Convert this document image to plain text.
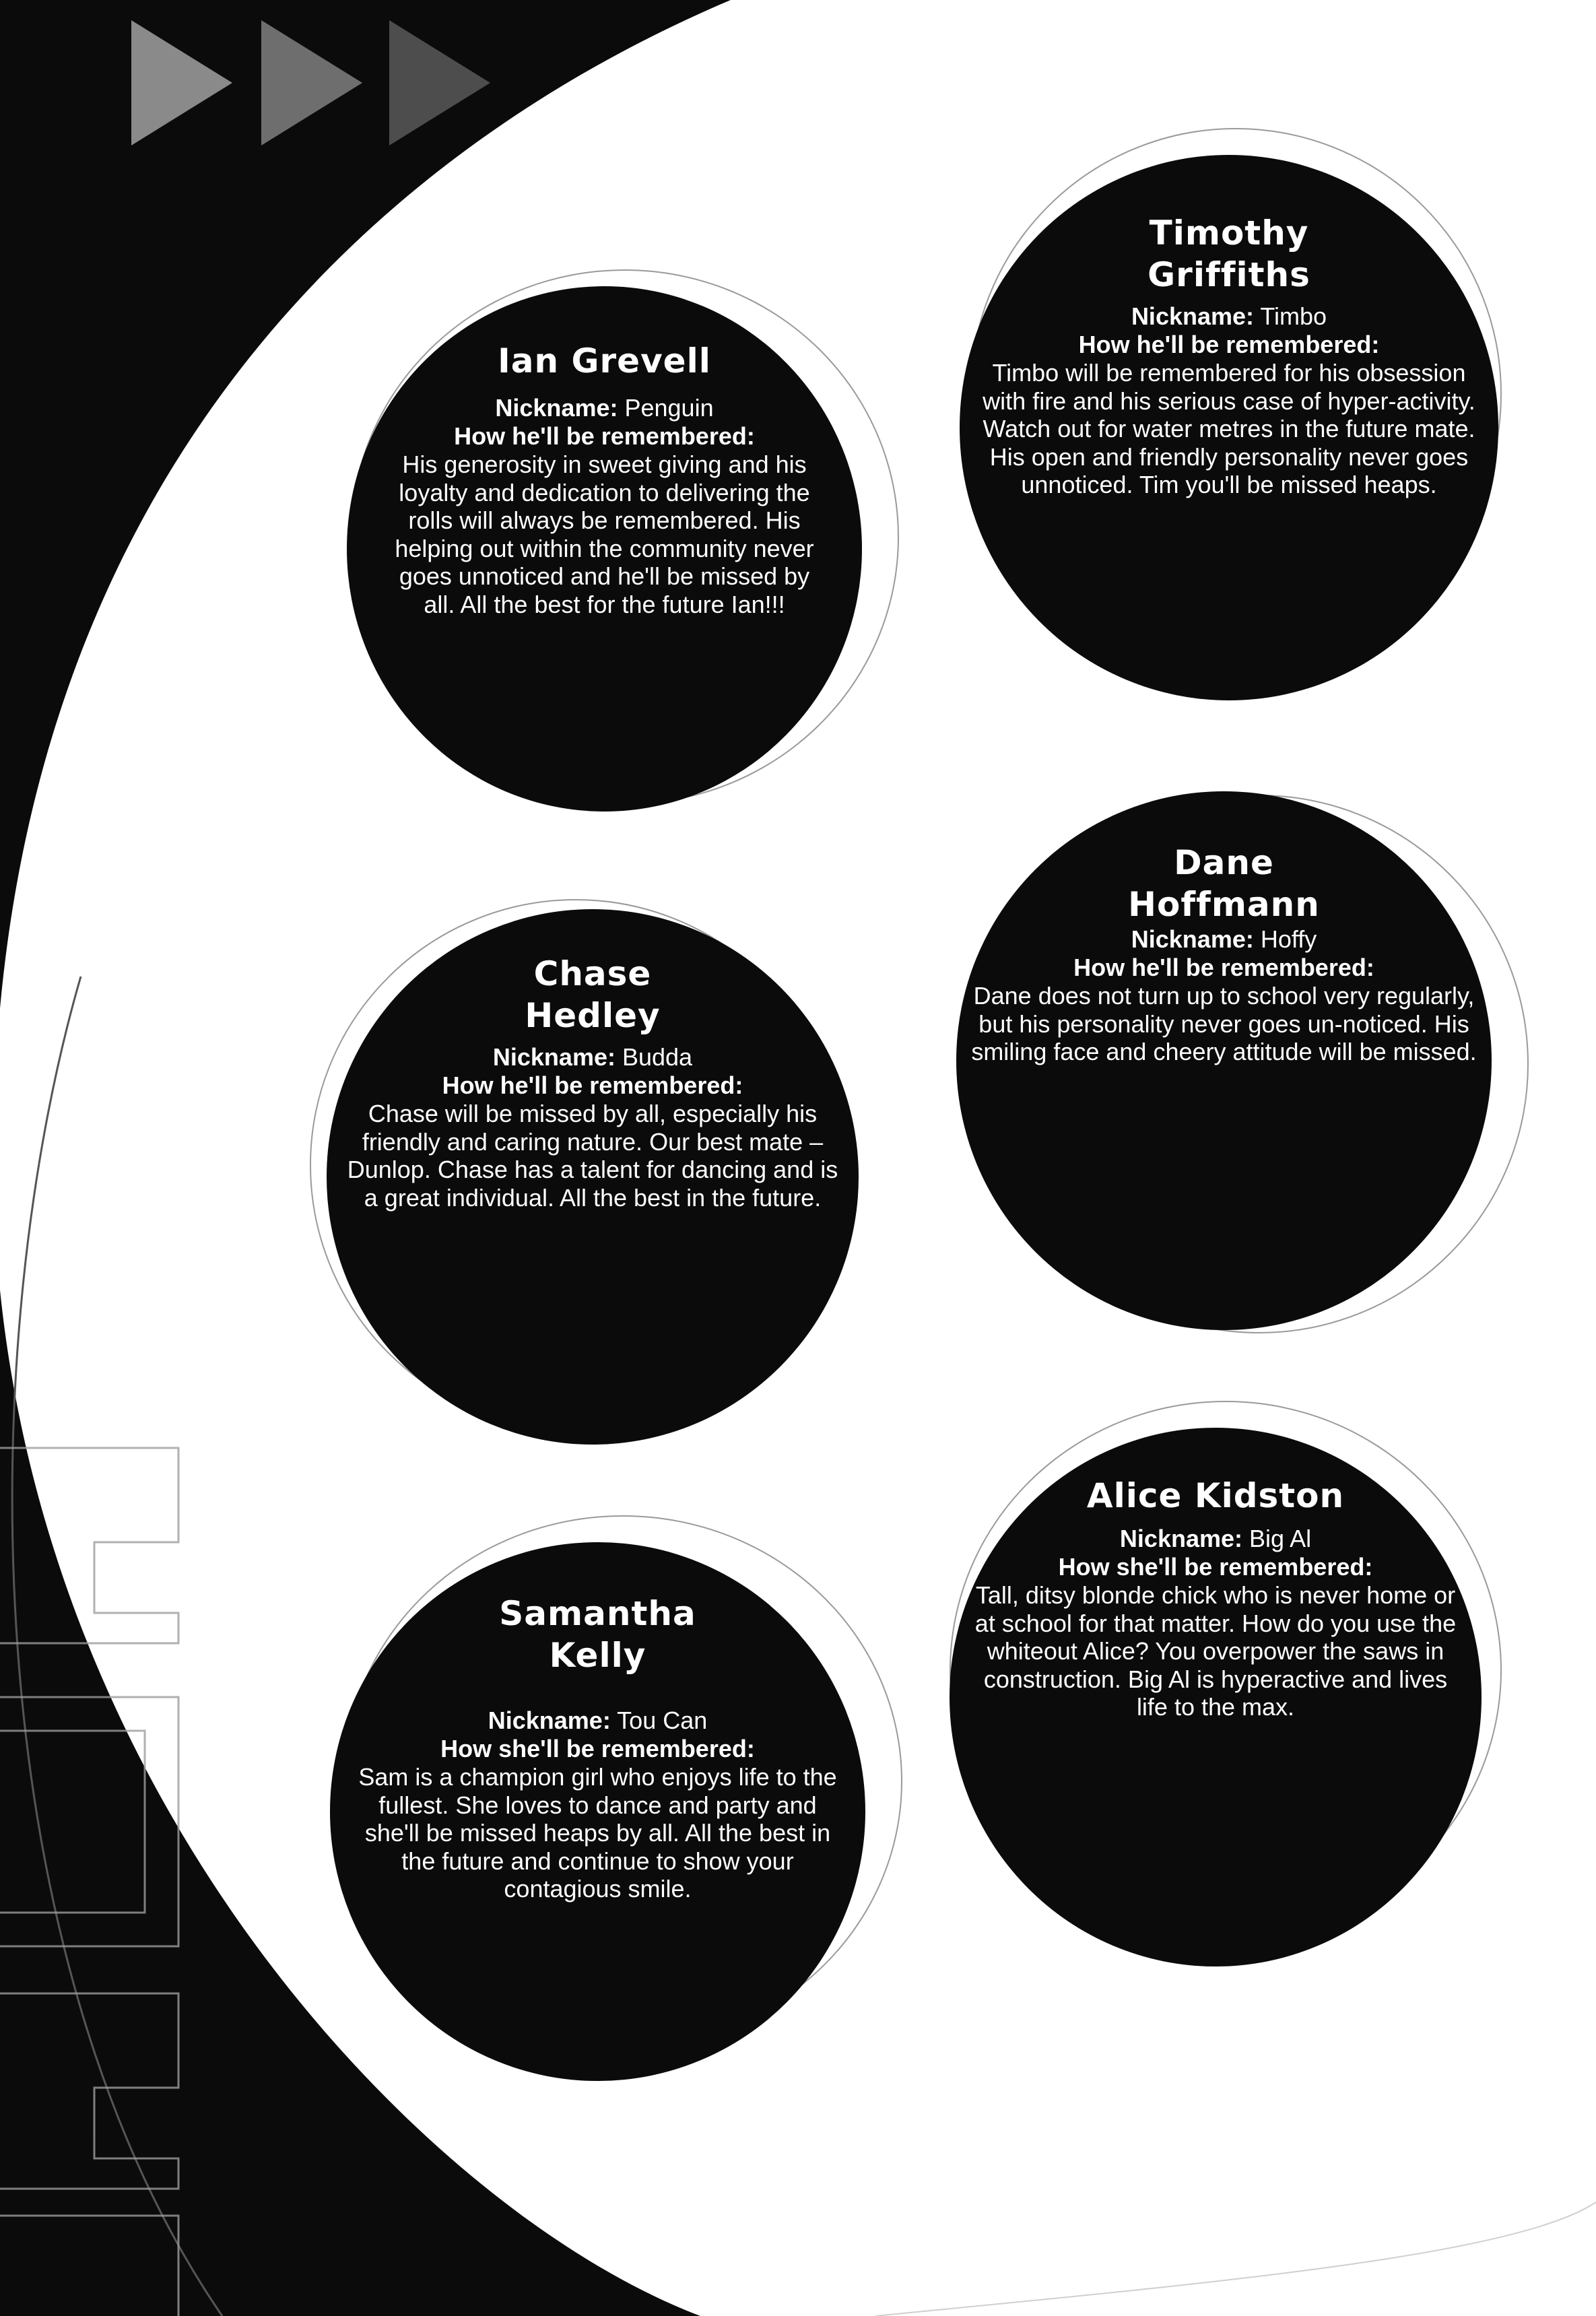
Ian Grevell
Nickname: Penguin
How he'll be remembered:
His generosity in sweet giving and his loyalty and dedication to delivering the rolls will always be remembered. His helping out within the community never goes unnoticed and he'll be missed by all. All the best for the future Ian!!!
Timothy
Griffiths
Nickname: Timbo
How he'll be remembered:
Timbo will be remembered for his obsession with fire and his serious case of hyper-activity. Watch out for water metres in the future mate. His open and friendly personality never goes unnoticed. Tim you'll be missed heaps.
Dane
Hoffmann
Nickname: Hoffy
How he'll be remembered:
Dane does not turn up to school very regularly, but his personality never goes un-noticed. His smiling face and cheery attitude will be missed.
Chase
Hedley
Nickname: Budda
How he'll be remembered:
Chase will be missed by all, especially his friendly and caring nature. Our best mate – Dunlop. Chase has a talent for dancing and is a great individual. All the best in the future.
Alice Kidston
Nickname: Big Al
How she'll be remembered:
Tall, ditsy blonde chick who is never home or at school for that matter. How do you use the whiteout Alice? You overpower the saws in construction. Big Al is hyperactive and lives life to the max.
Samantha
Kelly
Nickname: Tou Can
How she'll be remembered:
Sam is a champion girl who enjoys life to the fullest. She loves to dance and party and she'll be missed heaps by all. All the best in the future and continue to show your contagious smile.
